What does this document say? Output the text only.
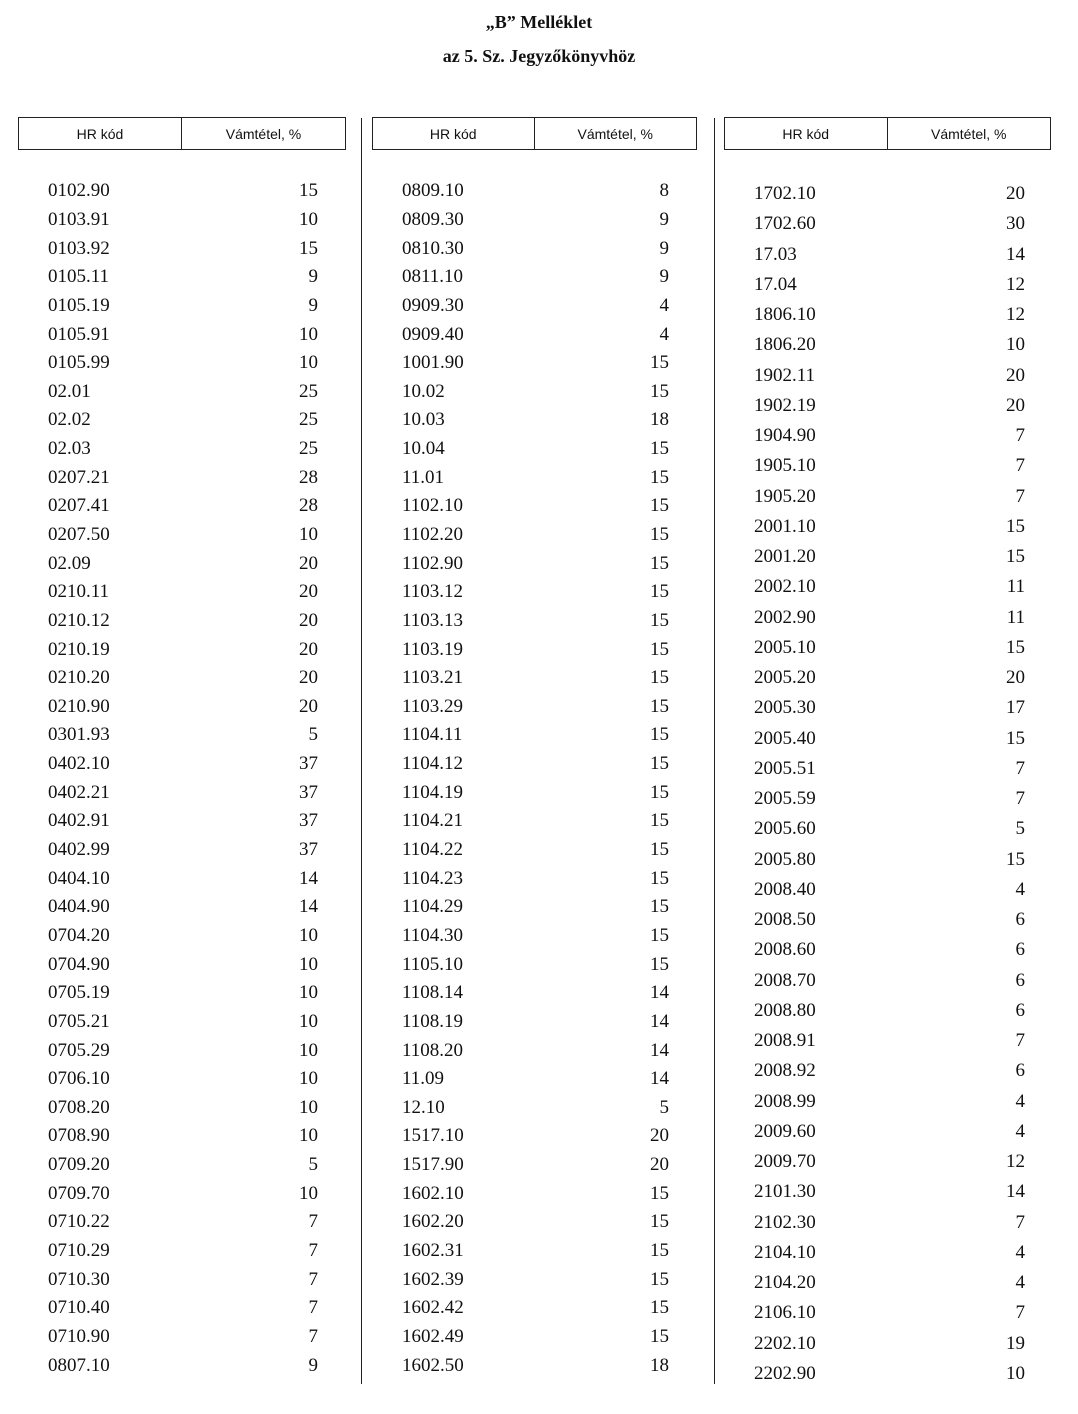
„B” Melléklet
az 5. Sz. Jegyzőkönyvhöz
HR kód	Vámtétel, %
0102.90	15
0103.91	10
0103.92	15
0105.11	9
0105.19	9
0105.91	10
0105.99	10
02.01	25
02.02	25
02.03	25
0207.21	28
0207.41	28
0207.50	10
02.09	20
0210.11	20
0210.12	20
0210.19	20
0210.20	20
0210.90	20
0301.93	5
0402.10	37
0402.21	37
0402.91	37
0402.99	37
0404.10	14
0404.90	14
0704.20	10
0704.90	10
0705.19	10
0705.21	10
0705.29	10
0706.10	10
0708.20	10
0708.90	10
0709.20	5
0709.70	10
0710.22	7
0710.29	7
0710.30	7
0710.40	7
0710.90	7
0807.10	9
HR kód	Vámtétel, %
0809.10	8
0809.30	9
0810.30	9
0811.10	9
0909.30	4
0909.40	4
1001.90	15
10.02	15
10.03	18
10.04	15
11.01	15
1102.10	15
1102.20	15
1102.90	15
1103.12	15
1103.13	15
1103.19	15
1103.21	15
1103.29	15
1104.11	15
1104.12	15
1104.19	15
1104.21	15
1104.22	15
1104.23	15
1104.29	15
1104.30	15
1105.10	15
1108.14	14
1108.19	14
1108.20	14
11.09	14
12.10	5
1517.10	20
1517.90	20
1602.10	15
1602.20	15
1602.31	15
1602.39	15
1602.42	15
1602.49	15
1602.50	18
HR kód	Vámtétel, %
1702.10	20
1702.60	30
17.03	14
17.04	12
1806.10	12
1806.20	10
1902.11	20
1902.19	20
1904.90	7
1905.10	7
1905.20	7
2001.10	15
2001.20	15
2002.10	11
2002.90	11
2005.10	15
2005.20	20
2005.30	17
2005.40	15
2005.51	7
2005.59	7
2005.60	5
2005.80	15
2008.40	4
2008.50	6
2008.60	6
2008.70	6
2008.80	6
2008.91	7
2008.92	6
2008.99	4
2009.60	4
2009.70	12
2101.30	14
2102.30	7
2104.10	4
2104.20	4
2106.10	7
2202.10	19
2202.90	10
